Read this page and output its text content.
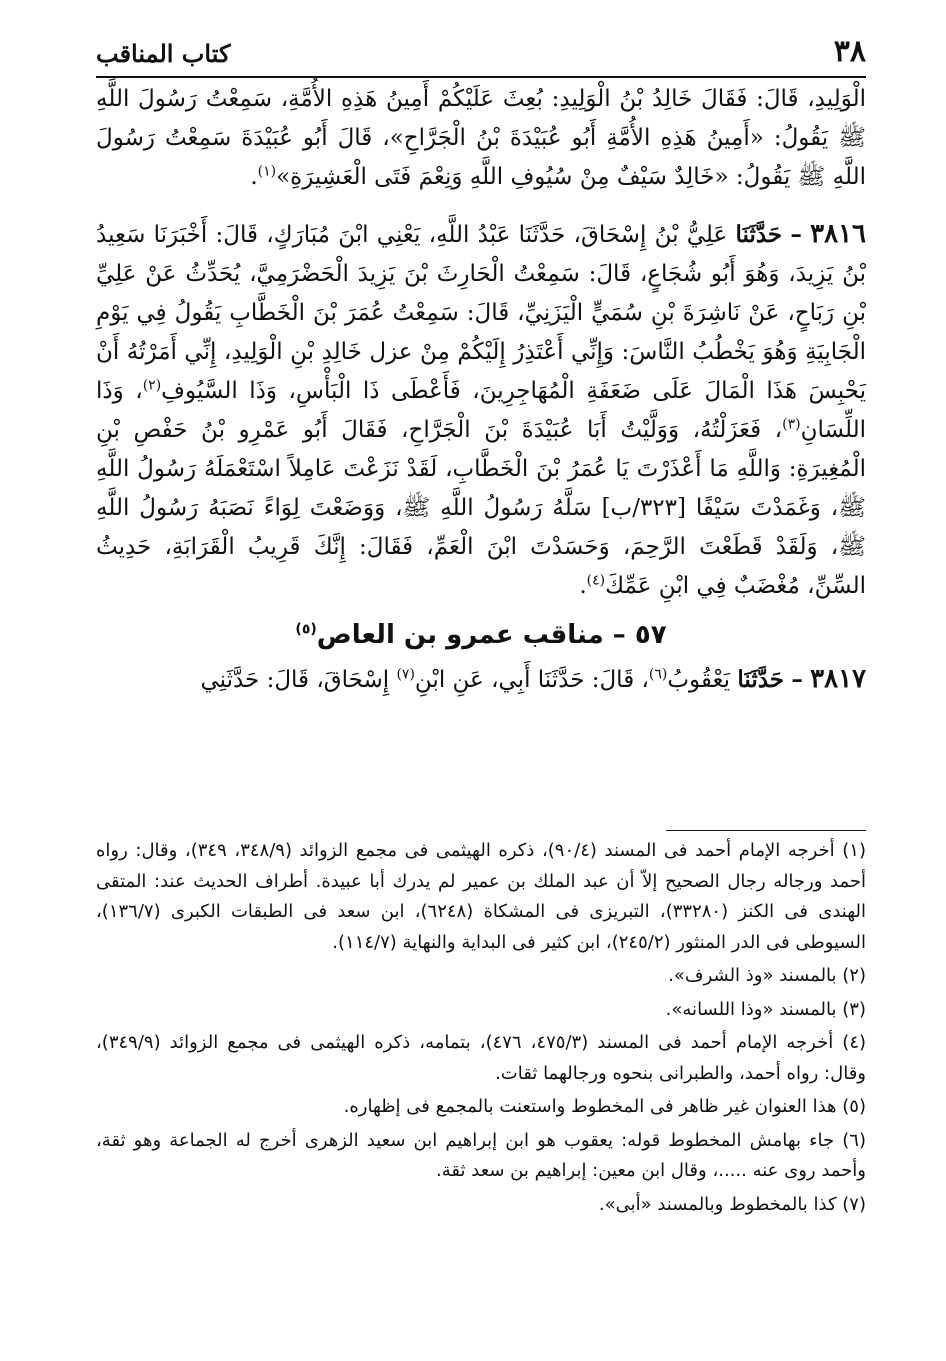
٣٨
كتاب المناقب

الْوَلِيدِ، قَالَ: فَقَالَ خَالِدُ بْنُ الْوَلِيدِ: بُعِثَ عَلَيْكُمْ أَمِينُ هَذِهِ الأُمَّةِ، سَمِعْتُ رَسُولَ اللَّهِ ﷺ يَقُولُ: «أَمِينُ هَذِهِ الأُمَّةِ أَبُو عُبَيْدَةَ بْنُ الْجَرَّاحِ»، قَالَ أَبُو عُبَيْدَةَ سَمِعْتُ رَسُولَ اللَّهِ ﷺ يَقُولُ: «خَالِدٌ سَيْفٌ مِنْ سُيُوفِ اللَّهِ وَنِعْمَ فَتَى الْعَشِيرَةِ»$^{(١)}$.

٣٨١٦ – حَدَّثَنَا عَلِيُّ بْنُ إِسْحَاقَ، حَدَّثَنَا عَبْدُ اللَّهِ، يَعْنِي ابْنَ مُبَارَكٍ، قَالَ: أَخْبَرَنَا سَعِيدُ بْنُ يَزِيدَ، وَهُوَ أَبُو شُجَاعٍ، قَالَ: سَمِعْتُ الْحَارِثَ بْنَ يَزِيدَ الْحَضْرَمِيَّ، يُحَدِّثُ عَنْ عَلِيِّ بْنِ رَبَاحٍ، عَنْ نَاشِرَةَ بْنِ سُمَيٍّ الْيَزَنِيِّ، قَالَ: سَمِعْتُ عُمَرَ بْنَ الْخَطَّابِ يَقُولُ فِي يَوْمِ الْجَابِيَةِ وَهُوَ يَخْطُبُ النَّاسَ: وَإِنِّي أَعْتَذِرُ إِلَيْكُمْ مِنْ عزل خَالِدِ بْنِ الْوَلِيدِ، إِنِّي أَمَرْتُهُ أَنْ يَحْبِسَ هَذَا الْمَالَ عَلَى ضَعَفَةِ الْمُهَاجِرِينَ، فَأَعْطَى ذَا الْبَأْسِ، وَذَا السَّيُوفِ$^{(٢)}$، وَذَا اللِّسَانِ$^{(٣)}$، فَعَزَلْتُهُ، وَوَلَّيْتُ أَبَا عُبَيْدَةَ بْنَ الْجَرَّاحِ، فَقَالَ أَبُو عَمْرِو بْنُ حَفْصِ بْنِ الْمُغِيرَةِ: وَاللَّهِ مَا أَعْذَرْتَ يَا عُمَرُ بْنَ الْخَطَّابِ، لَقَدْ نَزَعْتَ عَامِلاً اسْتَعْمَلَهُ رَسُولُ اللَّهِ ﷺ، وَغَمَدْتَ سَيْفًا [٣٢٣/ب] سَلَّهُ رَسُولُ اللَّهِ ﷺ، وَوَضَعْتَ لِوَاءً نَصَبَهُ رَسُولُ اللَّهِ ﷺ، وَلَقَدْ قَطَعْتَ الرَّحِمَ، وَحَسَدْتَ ابْنَ الْعَمِّ، فَقَالَ: إِنَّكَ قَرِيبُ الْقَرَابَةِ، حَدِيثُ السِّنِّ، مُغْضَبٌ فِي ابْنِ عَمِّكَ$^{(٤)}$.

٥٧ – مناقب عمرو بن العاص$^{(٥)}$

٣٨١٧ – حَدَّثَنَا يَعْقُوبُ$^{(٦)}$، قَالَ: حَدَّثَنَا أَبِي، عَنِ ابْنِ$^{(٧)}$ إِسْحَاقَ، قَالَ: حَدَّثَنِي

(١) أخرجه الإمام أحمد فى المسند (٩٠/٤)، ذكره الهيثمى فى مجمع الزوائد (٣٤٨/٩، ٣٤٩)، وقال: رواه أحمد ورجاله رجال الصحيح إلاّ أن عبد الملك بن عمير لم يدرك أبا عبيدة. أطراف الحديث عند: المتقى الهندى فى الكنز (٣٣٢٨٠)، التبريزى فى المشكاة (٦٢٤٨)، ابن سعد فى الطبقات الكبرى (١٣٦/٧)، السيوطى فى الدر المنثور (٢٤٥/٢)، ابن كثير فى البداية والنهاية (١١٤/٧).

(٢) بالمسند «وذ الشرف».

(٣) بالمسند «وذا اللسانه».

(٤) أخرجه الإمام أحمد فى المسند (٤٧٥/٣، ٤٧٦)، بتمامه، ذكره الهيثمى فى مجمع الزوائد (٣٤٩/٩)، وقال: رواه أحمد، والطبرانى بنحوه ورجالهما ثقات.

(٥) هذا العنوان غير ظاهر فى المخطوط واستعنت بالمجمع فى إظهاره.

(٦) جاء بهامش المخطوط قوله: يعقوب هو ابن إبراهيم ابن سعيد الزهرى أخرج له الجماعة وهو ثقة، وأحمد روى عنه .....، وقال ابن معين: إبراهيم بن سعد ثقة.

(٧) كذا بالمخطوط وبالمسند «أبى».
